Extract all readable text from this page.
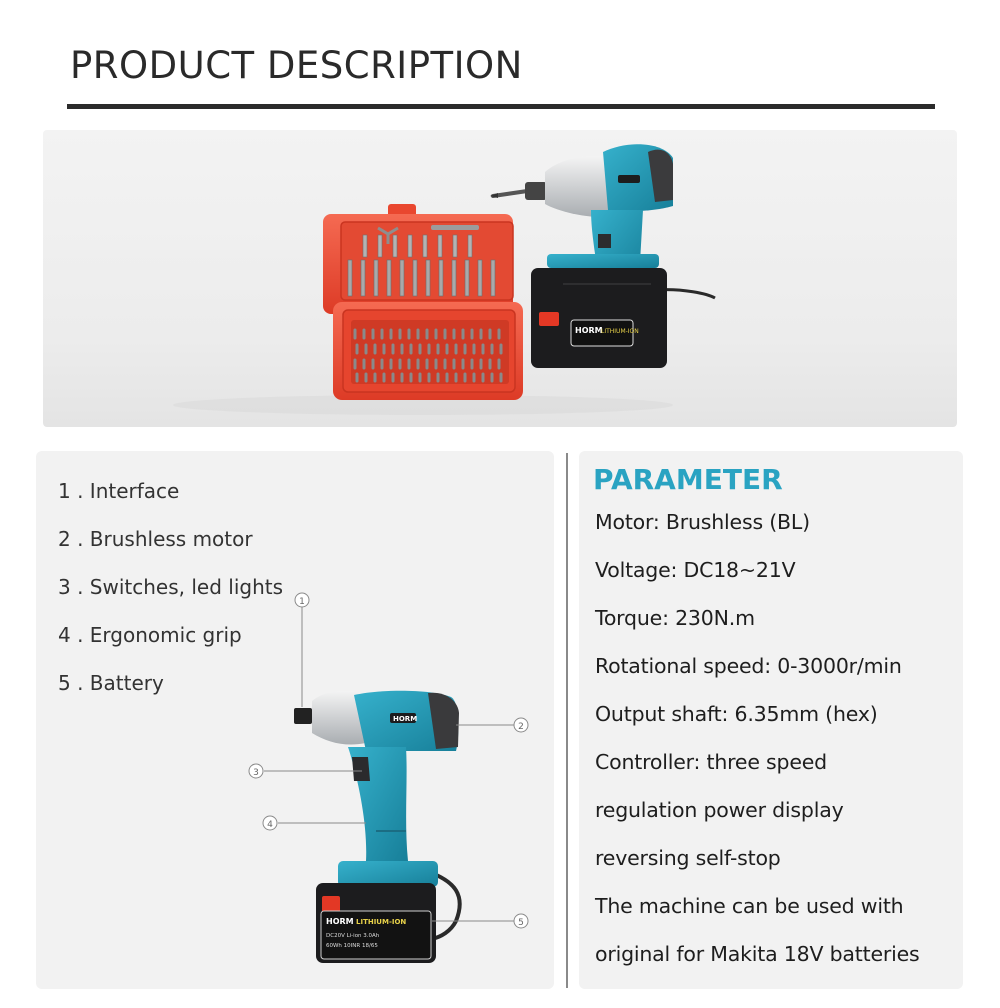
PRODUCT DESCRIPTION
HORM
LITHIUM-ION
1 . Interface
2 . Brushless motor
3 . Switches, led lights
4 . Ergonomic grip
5 . Battery
HORM
HORM LITHIUM-ION
DC20V Li-ion 3.0Ah
60Wh 10INR 18/65
1
2
3
4
5
PARAMETER
Motor: Brushless (BL)
Voltage: DC18~21V
Torque: 230N.m
Rotational speed: 0-3000r/min
Output shaft: 6.35mm (hex)
Controller: three speed
regulation power display
reversing self-stop
The machine can be used with
original for Makita 18V batteries
